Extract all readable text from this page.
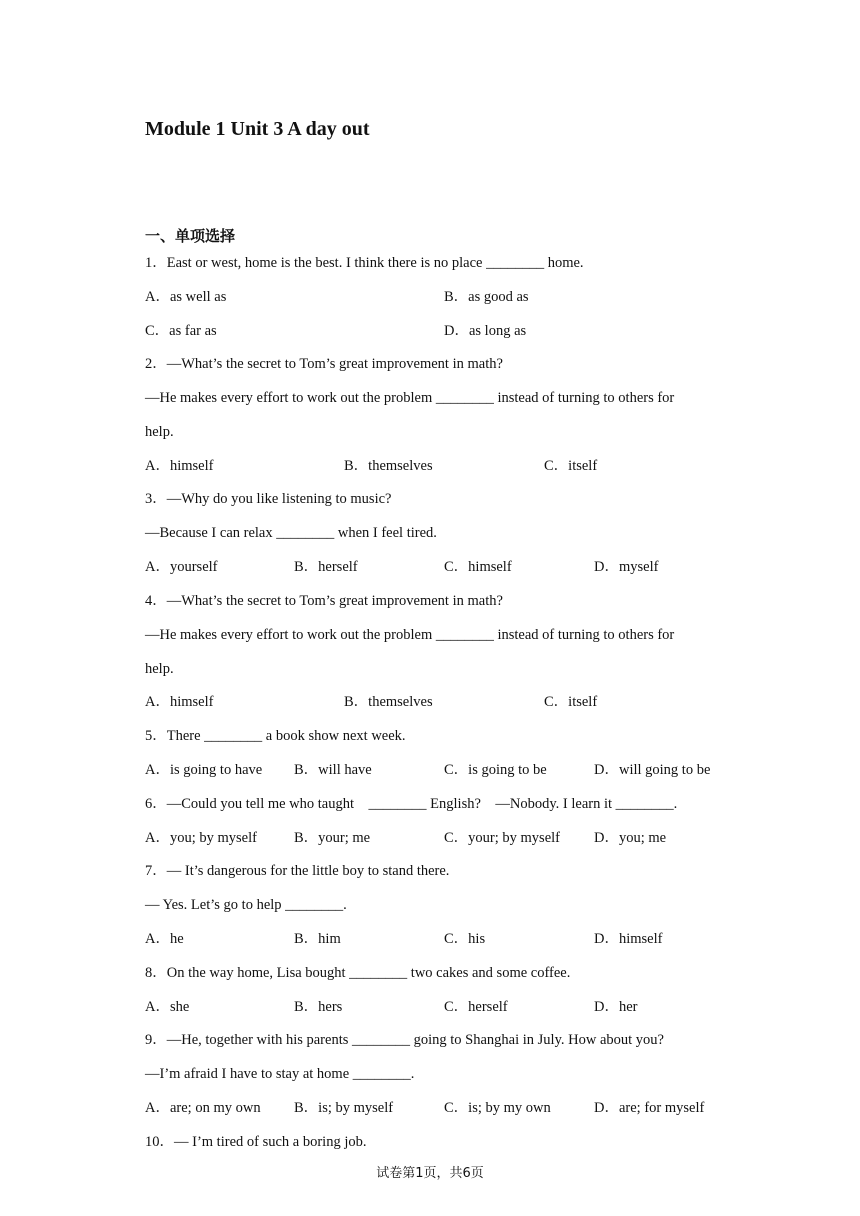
Module 1 Unit 3 A day out
一、单项选择
1．East or west, home is the best. I think there is no place ________ home.
A．as well as	B．as good as
C．as far as	D．as long as
2．—What’s the secret to Tom’s great improvement in math?
—He makes every effort to work out the problem ________ instead of turning to others for
help.
A．himself	B．themselves	C．itself
3．—Why do you like listening to music?
—Because I can relax ________ when I feel tired.
A．yourself	B．herself	C．himself	D．myself
4．—What’s the secret to Tom’s great improvement in math?
—He makes every effort to work out the problem ________ instead of turning to others for
help.
A．himself	B．themselves	C．itself
5．There ________ a book show next week.
A．is going to have B．will have	C．is going to be	D．will going to be
6．—Could you tell me who taught    ________ English?    —Nobody. I learn it ________.
A．you; by myself	B．your; me	C．your; by myself D．you; me
7．— It’s dangerous for the little boy to stand there.
— Yes. Let’s go to help ________.
A．he	B．him	C．his	D．himself
8．On the way home, Lisa bought ________ two cakes and some coffee.
A．she	B．hers	C．herself	D．her
9．—He, together with his parents ________ going to Shanghai in July. How about you?
—I’m afraid I have to stay at home ________.
A．are; on my own B．is; by myself	C．is; by my own	D．are; for myself
10．— I’m tired of such a boring job.
试卷第1页，共6页
